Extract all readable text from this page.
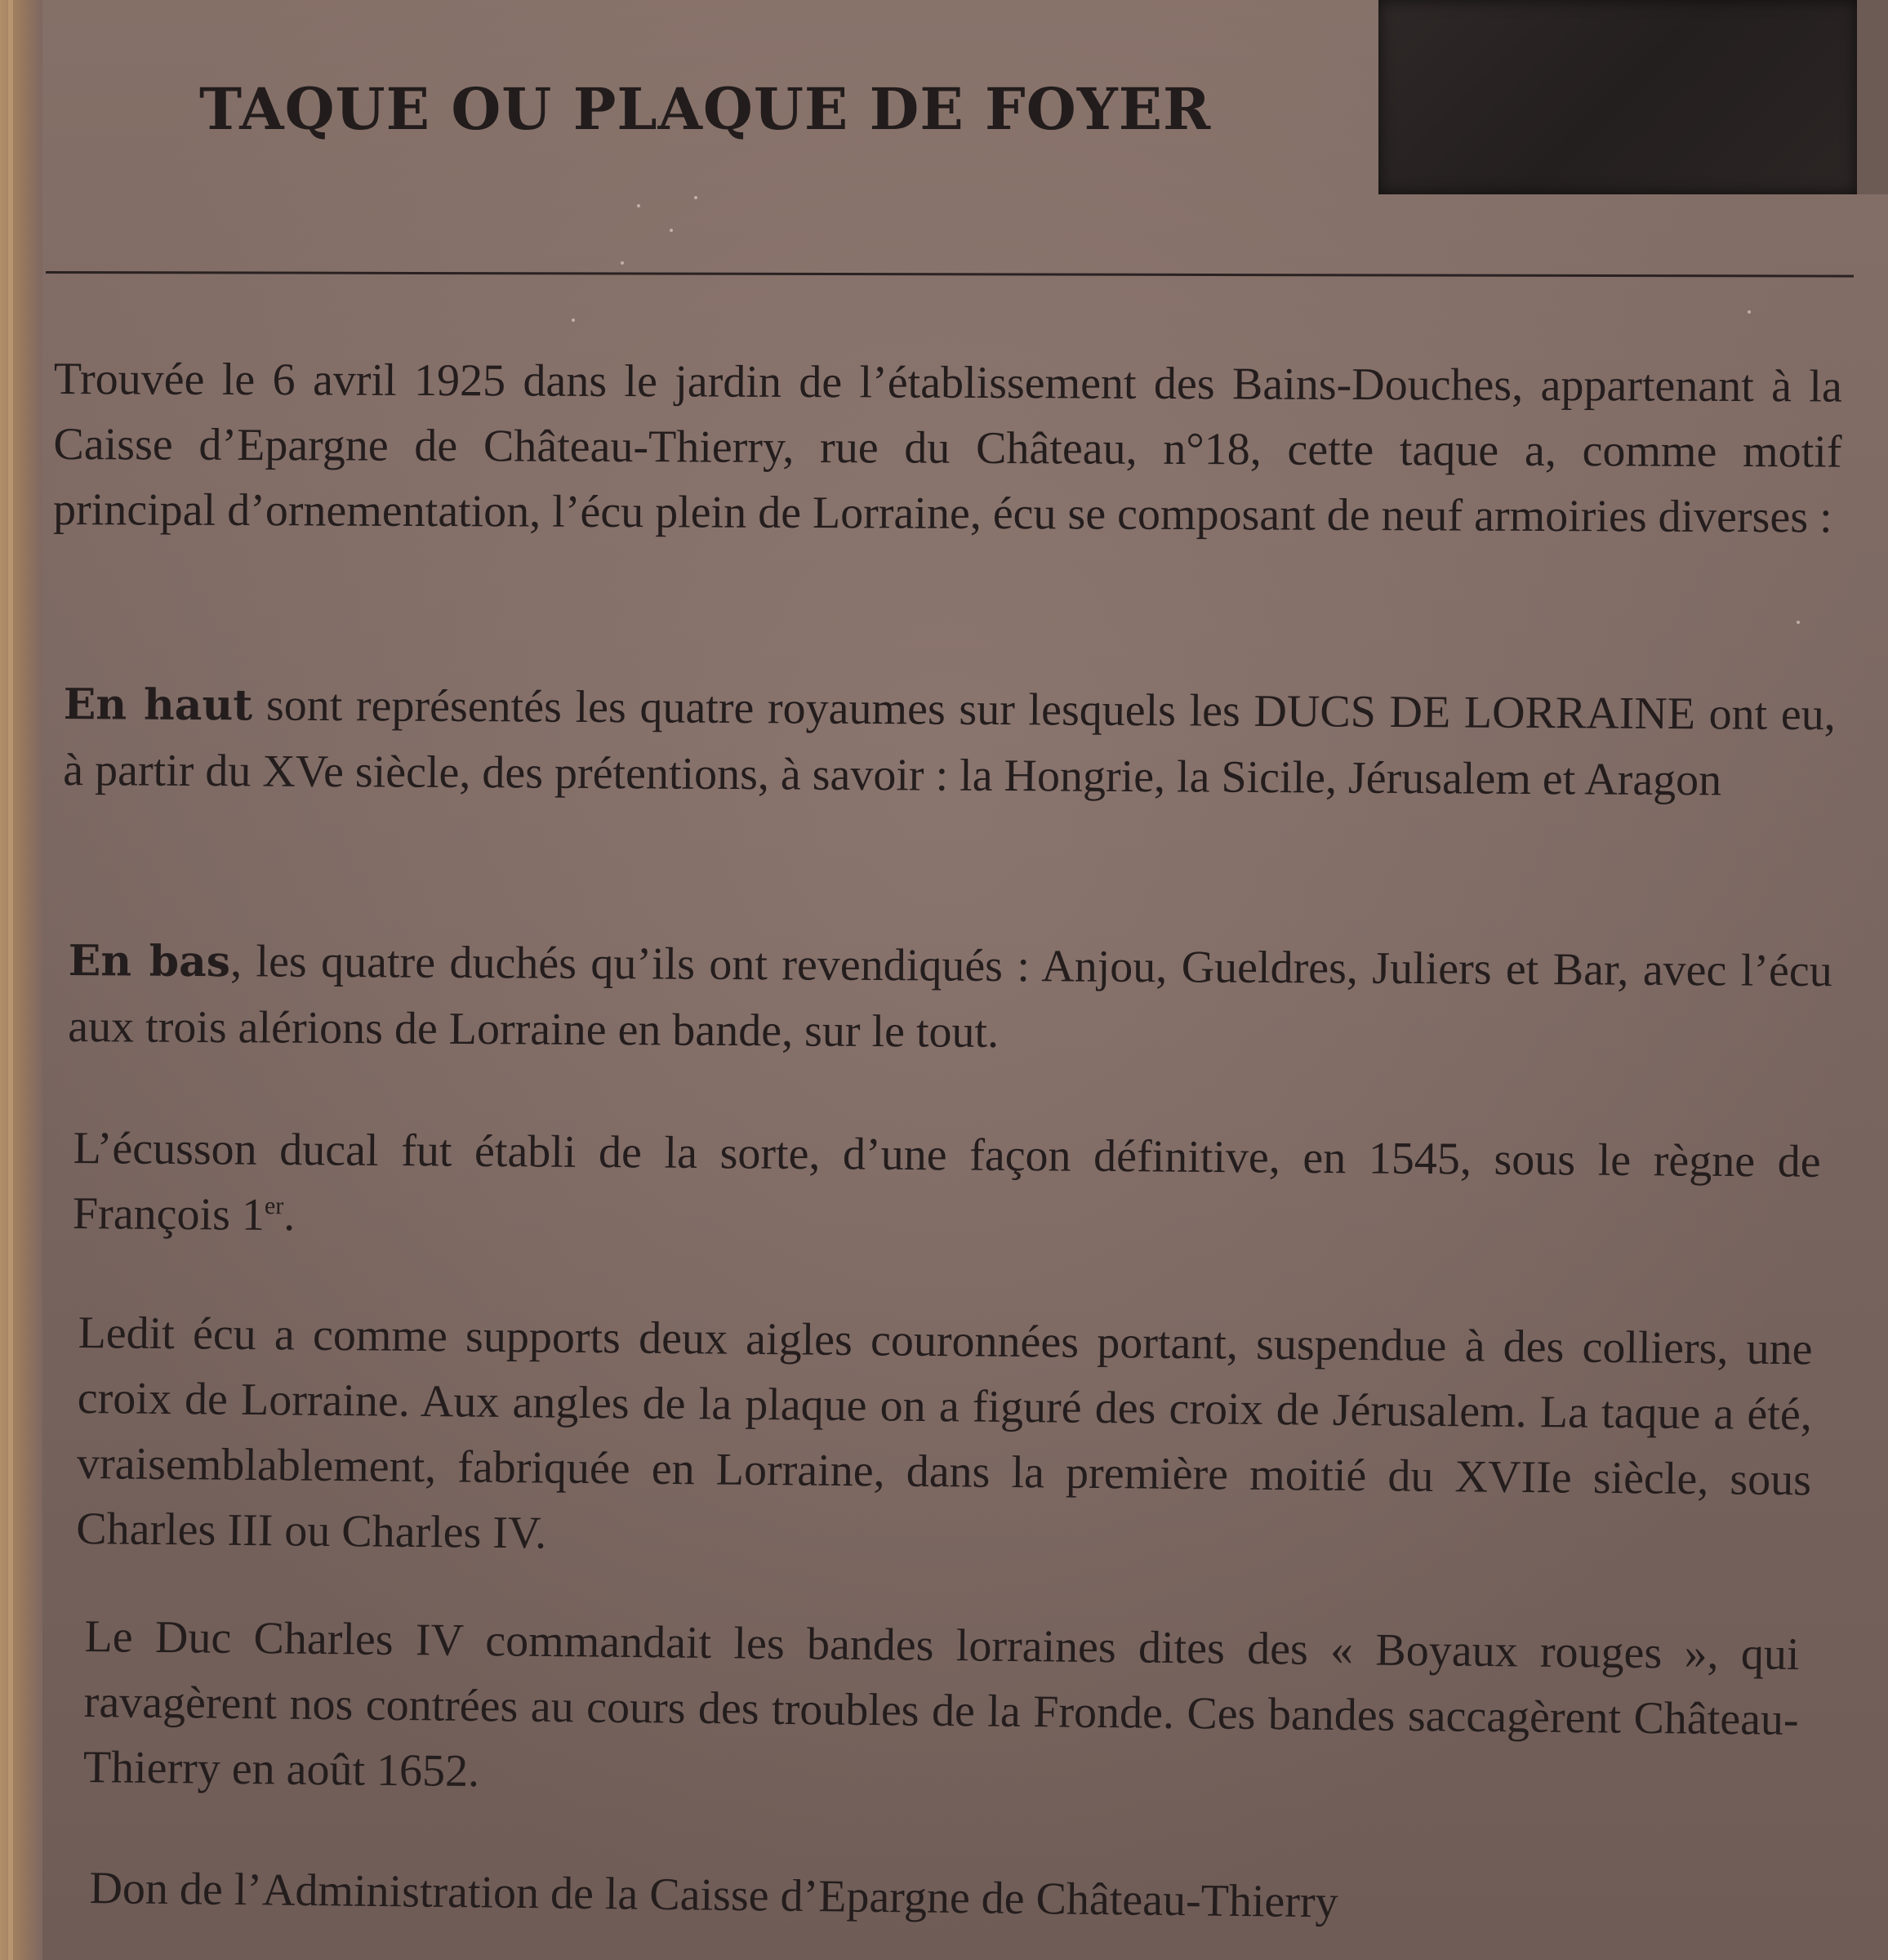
TAQUE OU PLAQUE DE FOYER
Trouvée le 6 avril 1925 dans le jardin de l’établissement des Bains-Douches, appartenant à la Caisse d’Epargne de Château-Thierry, rue du Château, n°18, cette taque a, comme motif principal d’ornementation, l’écu plein de Lorraine, écu se composant de neuf armoiries diverses :
En haut sont représentés les quatre royaumes sur lesquels les DUCS DE LORRAINE ont eu, à partir du XVe siècle, des prétentions, à savoir : la Hongrie, la Sicile, Jérusalem et Aragon
En bas, les quatre duchés qu’ils ont revendiqués : Anjou, Gueldres, Juliers et Bar, avec l’écu aux trois alérions de Lorraine en bande, sur le tout.
L’écusson ducal fut établi de la sorte, d’une façon définitive, en 1545, sous le règne de François 1er.
Ledit écu a comme supports deux aigles couronnées portant, suspendue à des colliers, une croix de Lorraine. Aux angles de la plaque on a figuré des croix de Jérusalem. La taque a été, vraisemblablement, fabriquée en Lorraine, dans la première moitié du XVIIe siècle, sous Charles III ou Charles IV.
Le Duc Charles IV commandait les bandes lorraines dites des « Boyaux rouges », qui ravagèrent nos contrées au cours des troubles de la Fronde. Ces bandes saccagèrent Château-Thierry en août 1652.
Don de l’Administration de la Caisse d’Epargne de Château-Thierry
